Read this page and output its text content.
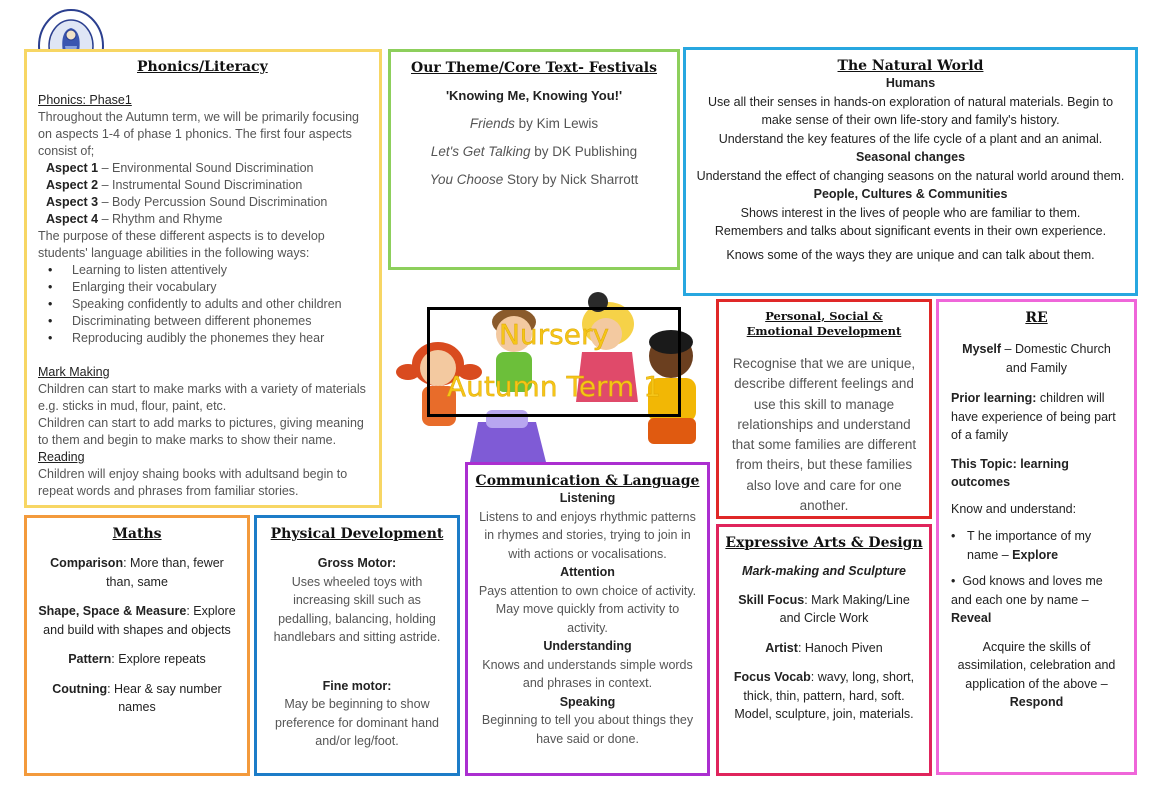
Phonics/Literacy

Phonics: Phase1

Throughout the Autumn term, we will be primarily focusing on aspects 1-4 of phase 1 phonics. The first four aspects consist of;

Aspect 1 – Environmental Sound Discrimination

Aspect 2 – Instrumental Sound Discrimination

Aspect 3 – Body Percussion Sound Discrimination

Aspect 4 – Rhythm and Rhyme

The purpose of these different aspects is to develop students' language abilities in the following ways:

• Learning to listen attentively
• Enlarging their vocabulary
• Speaking confidently to adults and other children
• Discriminating between different phonemes
• Reproducing audibly the phonemes they hear

Mark Making

Children can start to make marks with a variety of materials e.g. sticks in mud, flour, paint, etc.

Children can start to add marks to pictures, giving meaning to them and begin to make marks to show their name.

Reading

Children will enjoy shaing books with adultsand begin to repeat words and phrases from familiar stories.

Our Theme/Core Text- Festivals

'Knowing Me, Knowing You!'

Friends by Kim Lewis

Let's Get Talking by DK Publishing

You Choose Story by Nick Sharrott

The Natural World

Humans

Use all their senses in hands-on exploration of natural materials. Begin to make sense of their own life-story and family's history.

Understand the key features of the life cycle of a plant and an animal.

Seasonal changes

Understand the effect of changing seasons on the natural world around them.

People, Cultures & Communities

Shows interest in the lives of people who are familiar to them.

Remembers and talks about significant events in their own experience.

Knows some of the ways they are unique and can talk about them.

Nursery
Autumn Term 1
Personal, Social & Emotional Development

Recognise that we are unique, describe different feelings and use this skill to manage relationships and understand that some families are different from theirs, but these families also love and care for one another.

RE

Myself – Domestic Church and Family

Prior learning: children will have experience of being part of a family

This Topic: learning outcomes

Know and understand:

• T he importance of my name – Explore

•  God knows and loves me and each one by name – Reveal

Acquire the skills of assimilation, celebration and application of the above – Respond

Maths

Comparison: More than, fewer than, same

Shape, Space & Measure: Explore and build with shapes and objects

Pattern: Explore repeats

Coutning: Hear & say number names

Physical Development

Gross Motor:

Uses wheeled toys with increasing skill such as pedalling, balancing, holding handlebars and sitting astride.

Fine motor:

May be beginning to show preference for dominant hand and/or leg/foot.

Communication & Language

Listening

Listens to and enjoys rhythmic patterns in rhymes and stories, trying to join in with actions or vocalisations.

Attention

Pays attention to own choice of activity. May move quickly from activity to activity.

Understanding

Knows and understands simple words and phrases in context.

Speaking

Beginning to tell you about things they have said or done.

Expressive Arts & Design

Mark-making and Sculpture

Skill Focus: Mark Making/Line and Circle Work

Artist: Hanoch Piven

Focus Vocab: wavy, long, short, thick, thin, pattern, hard, soft. Model, sculpture, join, materials.
